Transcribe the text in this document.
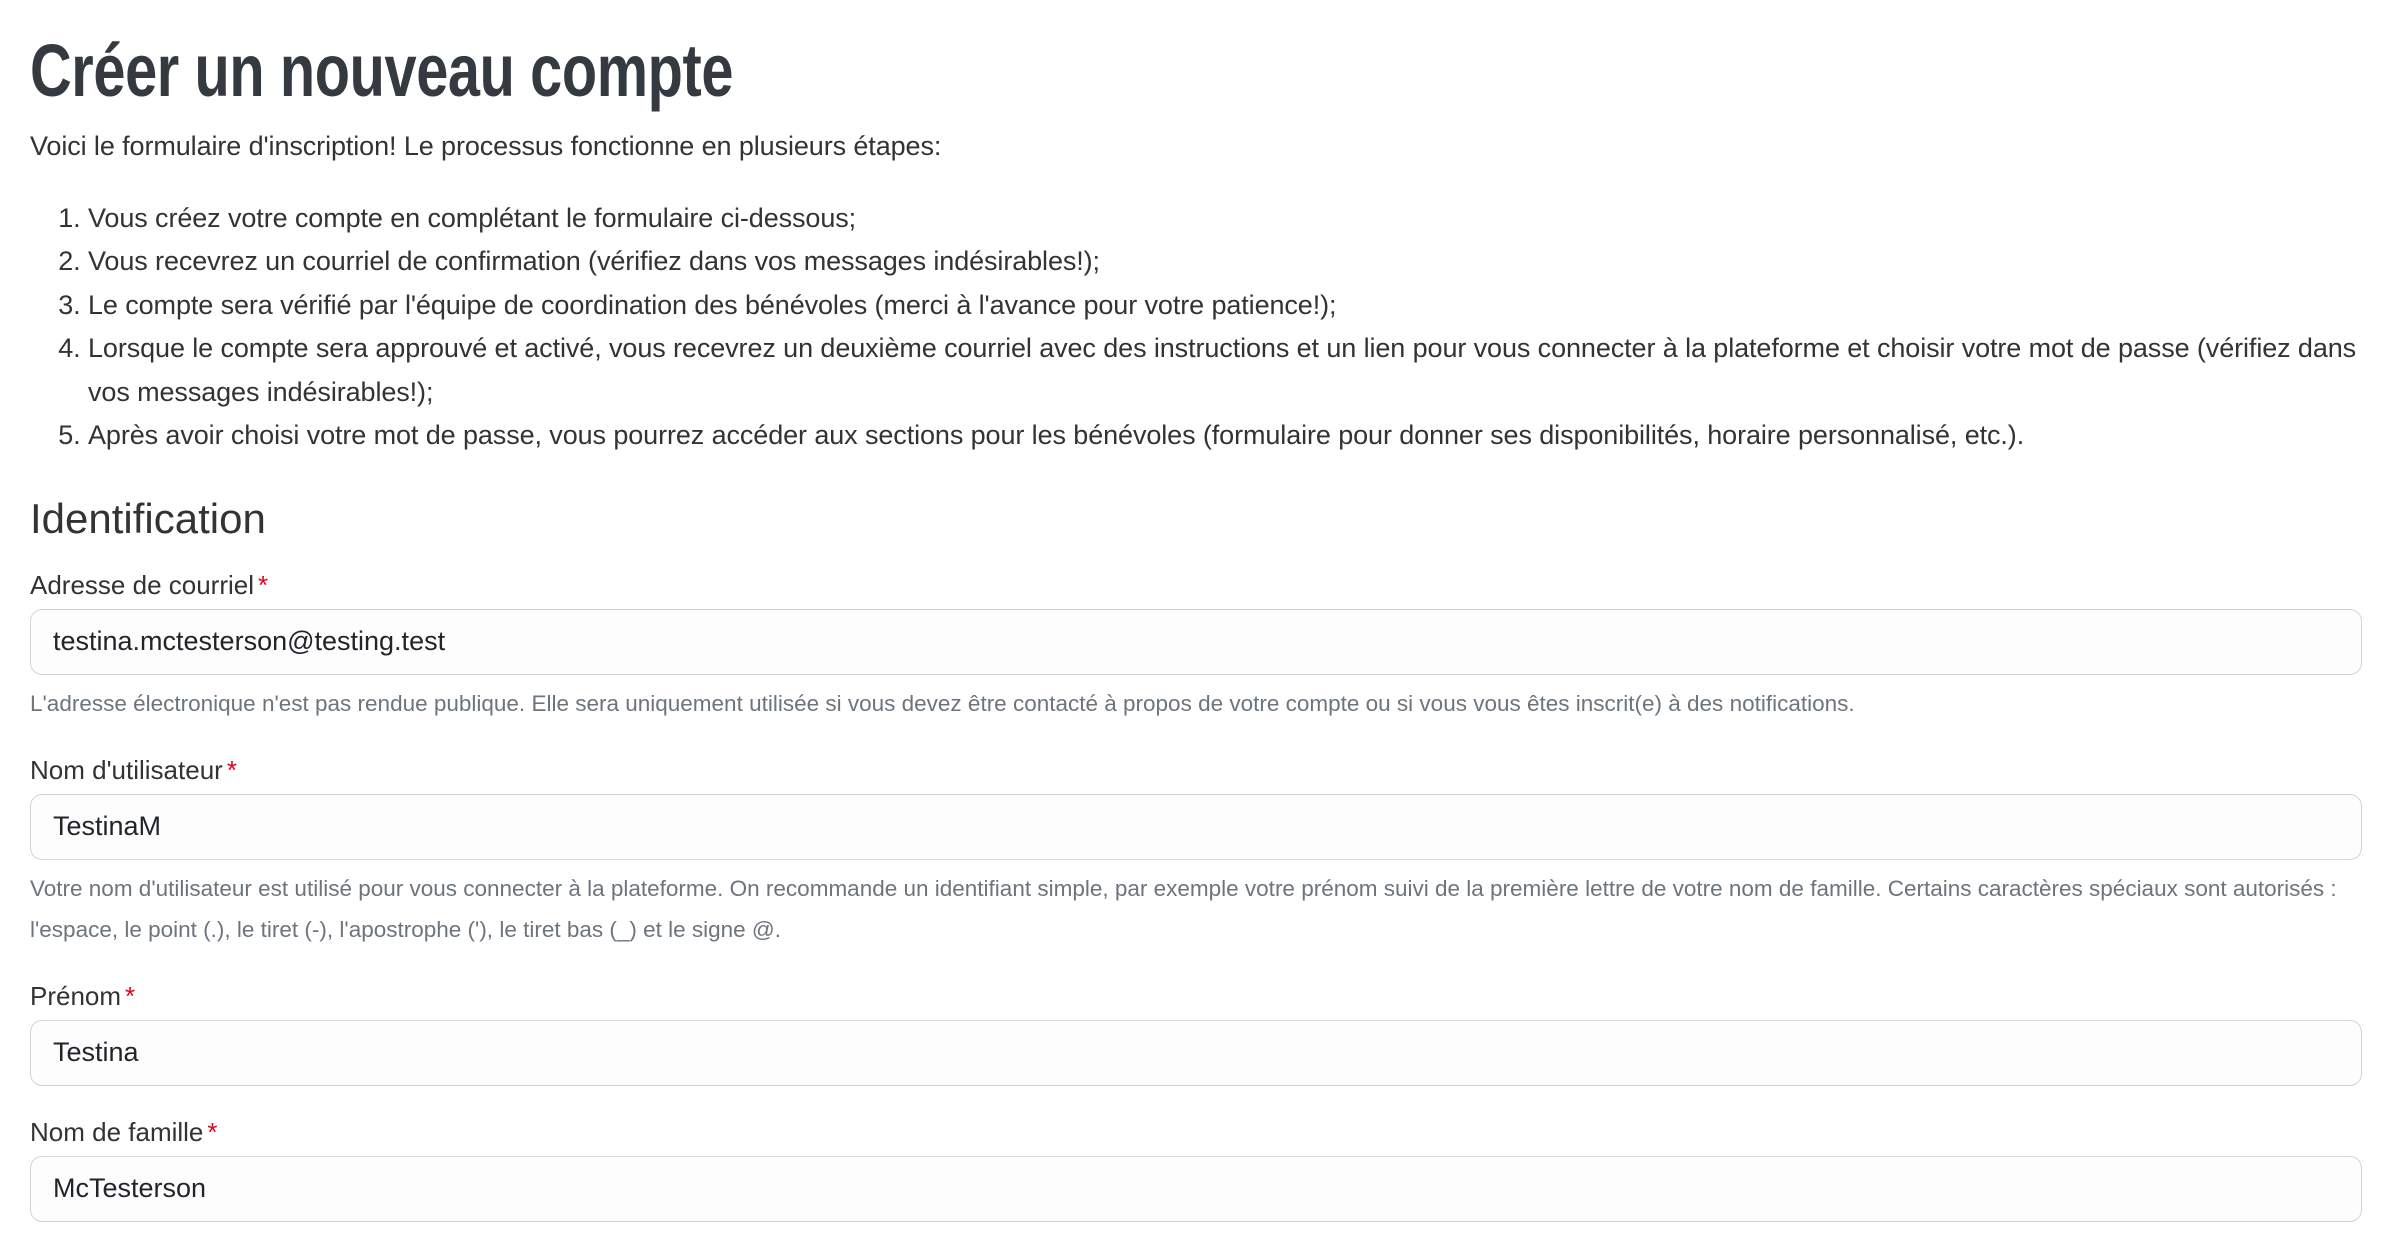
Créer un nouveau compte

Voici le formulaire d'inscription! Le processus fonctionne en plusieurs étapes:

1. Vous créez votre compte en complétant le formulaire ci-dessous;
2. Vous recevrez un courriel de confirmation (vérifiez dans vos messages indésirables!);
3. Le compte sera vérifié par l'équipe de coordination des bénévoles (merci à l'avance pour votre patience!);
4. Lorsque le compte sera approuvé et activé, vous recevrez un deuxième courriel avec des instructions et un lien pour vous connecter à la plateforme et choisir votre mot de passe (vérifiez dans vos messages indésirables!);
5. Après avoir choisi votre mot de passe, vous pourrez accéder aux sections pour les bénévoles (formulaire pour donner ses disponibilités, horaire personnalisé, etc.).
Identification
Adresse de courriel *
testina.mctesterson@testing.test
L'adresse électronique n'est pas rendue publique. Elle sera uniquement utilisée si vous devez être contacté à propos de votre compte ou si vous vous êtes inscrit(e) à des notifications.
Nom d'utilisateur *
TestinaM
Votre nom d'utilisateur est utilisé pour vous connecter à la plateforme. On recommande un identifiant simple, par exemple votre prénom suivi de la première lettre de votre nom de famille. Certains caractères spéciaux sont autorisés : l'espace, le point (.), le tiret (-), l'apostrophe ('), le tiret bas (_) et le signe @.
Prénom *
Testina
Nom de famille *
McTesterson
